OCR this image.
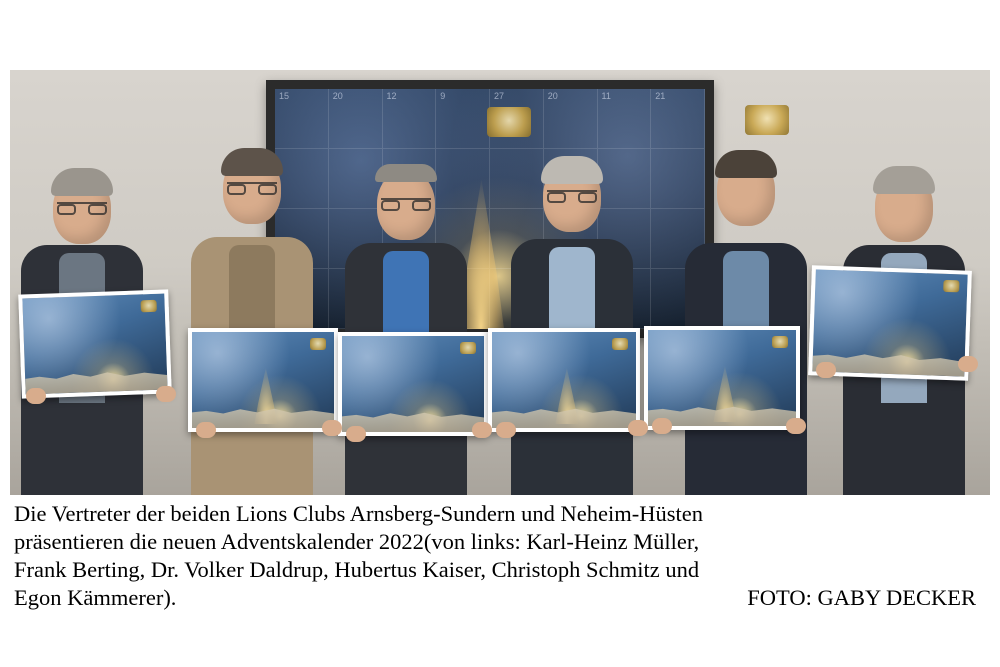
15	20	12	9	27	20	11	21

Die Vertreter der beiden Lions Clubs Arnsberg-Sundern und Neheim-Hüsten

präsentieren die neuen Adventskalender 2022(von links: Karl-Heinz Müller,

Frank Berting, Dr. Volker Daldrup, Hubertus Kaiser, Christoph Schmitz und

Egon Kämmerer).	FOTO: GABY DECKER
